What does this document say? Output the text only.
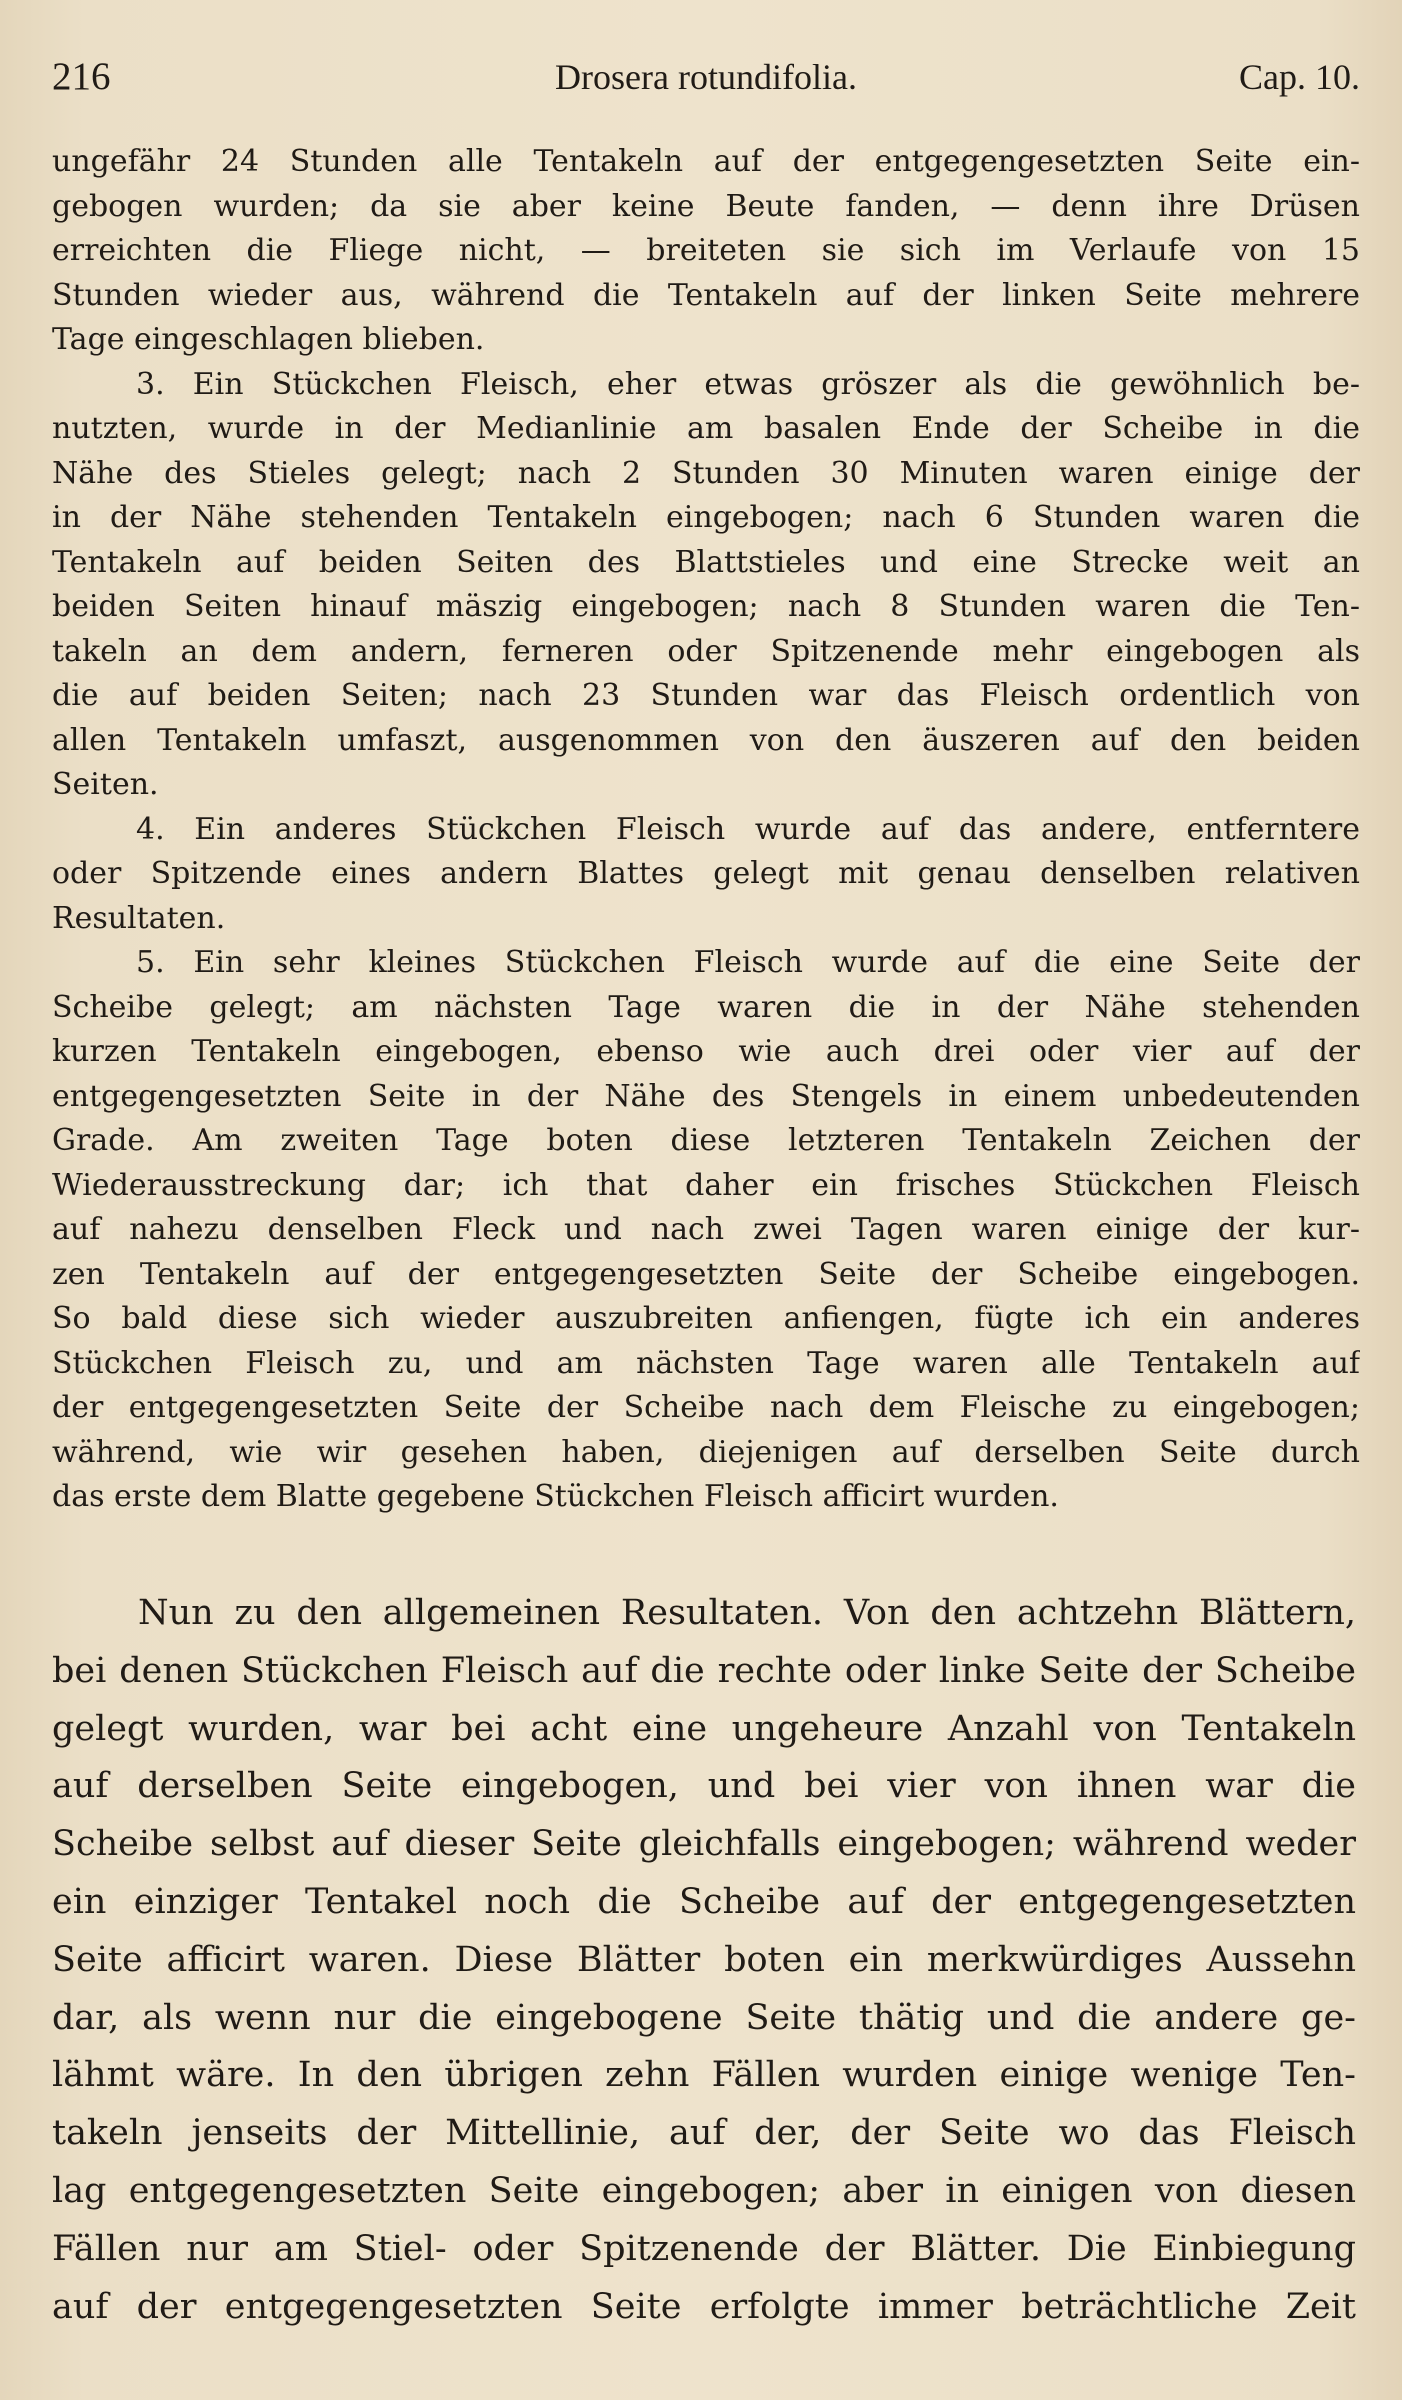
216	Drosera rotundifolia.	Cap. 10.
ungefähr 24 Stunden alle Tentakeln auf der entgegengesetzten Seite ein-
gebogen wurden; da sie aber keine Beute fanden, — denn ihre Drüsen
erreichten die Fliege nicht, — breiteten sie sich im Verlaufe von 15
Stunden wieder aus, während die Tentakeln auf der linken Seite mehrere
Tage eingeschlagen blieben.
3. Ein Stückchen Fleisch, eher etwas gröszer als die gewöhnlich be-
nutzten, wurde in der Medianlinie am basalen Ende der Scheibe in die
Nähe des Stieles gelegt; nach 2 Stunden 30 Minuten waren einige der
in der Nähe stehenden Tentakeln eingebogen; nach 6 Stunden waren die
Tentakeln auf beiden Seiten des Blattstieles und eine Strecke weit an
beiden Seiten hinauf mäszig eingebogen; nach 8 Stunden waren die Ten-
takeln an dem andern, ferneren oder Spitzenende mehr eingebogen als
die auf beiden Seiten; nach 23 Stunden war das Fleisch ordentlich von
allen Tentakeln umfaszt, ausgenommen von den äuszeren auf den beiden
Seiten.
4. Ein anderes Stückchen Fleisch wurde auf das andere, entferntere
oder Spitzende eines andern Blattes gelegt mit genau denselben relativen
Resultaten.
5. Ein sehr kleines Stückchen Fleisch wurde auf die eine Seite der
Scheibe gelegt; am nächsten Tage waren die in der Nähe stehenden
kurzen Tentakeln eingebogen, ebenso wie auch drei oder vier auf der
entgegengesetzten Seite in der Nähe des Stengels in einem unbedeutenden
Grade. Am zweiten Tage boten diese letzteren Tentakeln Zeichen der
Wiederausstreckung dar; ich that daher ein frisches Stückchen Fleisch
auf nahezu denselben Fleck und nach zwei Tagen waren einige der kur-
zen Tentakeln auf der entgegengesetzten Seite der Scheibe eingebogen.
So bald diese sich wieder auszubreiten anfiengen, fügte ich ein anderes
Stückchen Fleisch zu, und am nächsten Tage waren alle Tentakeln auf
der entgegengesetzten Seite der Scheibe nach dem Fleische zu eingebogen;
während, wie wir gesehen haben, diejenigen auf derselben Seite durch
das erste dem Blatte gegebene Stückchen Fleisch afficirt wurden.
Nun zu den allgemeinen Resultaten. Von den achtzehn Blättern,
bei denen Stückchen Fleisch auf die rechte oder linke Seite der Scheibe
gelegt wurden, war bei acht eine ungeheure Anzahl von Tentakeln
auf derselben Seite eingebogen, und bei vier von ihnen war die
Scheibe selbst auf dieser Seite gleichfalls eingebogen; während weder
ein einziger Tentakel noch die Scheibe auf der entgegengesetzten
Seite afficirt waren. Diese Blätter boten ein merkwürdiges Aussehn
dar, als wenn nur die eingebogene Seite thätig und die andere ge-
lähmt wäre. In den übrigen zehn Fällen wurden einige wenige Ten-
takeln jenseits der Mittellinie, auf der, der Seite wo das Fleisch
lag entgegengesetzten Seite eingebogen; aber in einigen von diesen
Fällen nur am Stiel- oder Spitzenende der Blätter. Die Einbiegung
auf der entgegengesetzten Seite erfolgte immer beträchtliche Zeit
